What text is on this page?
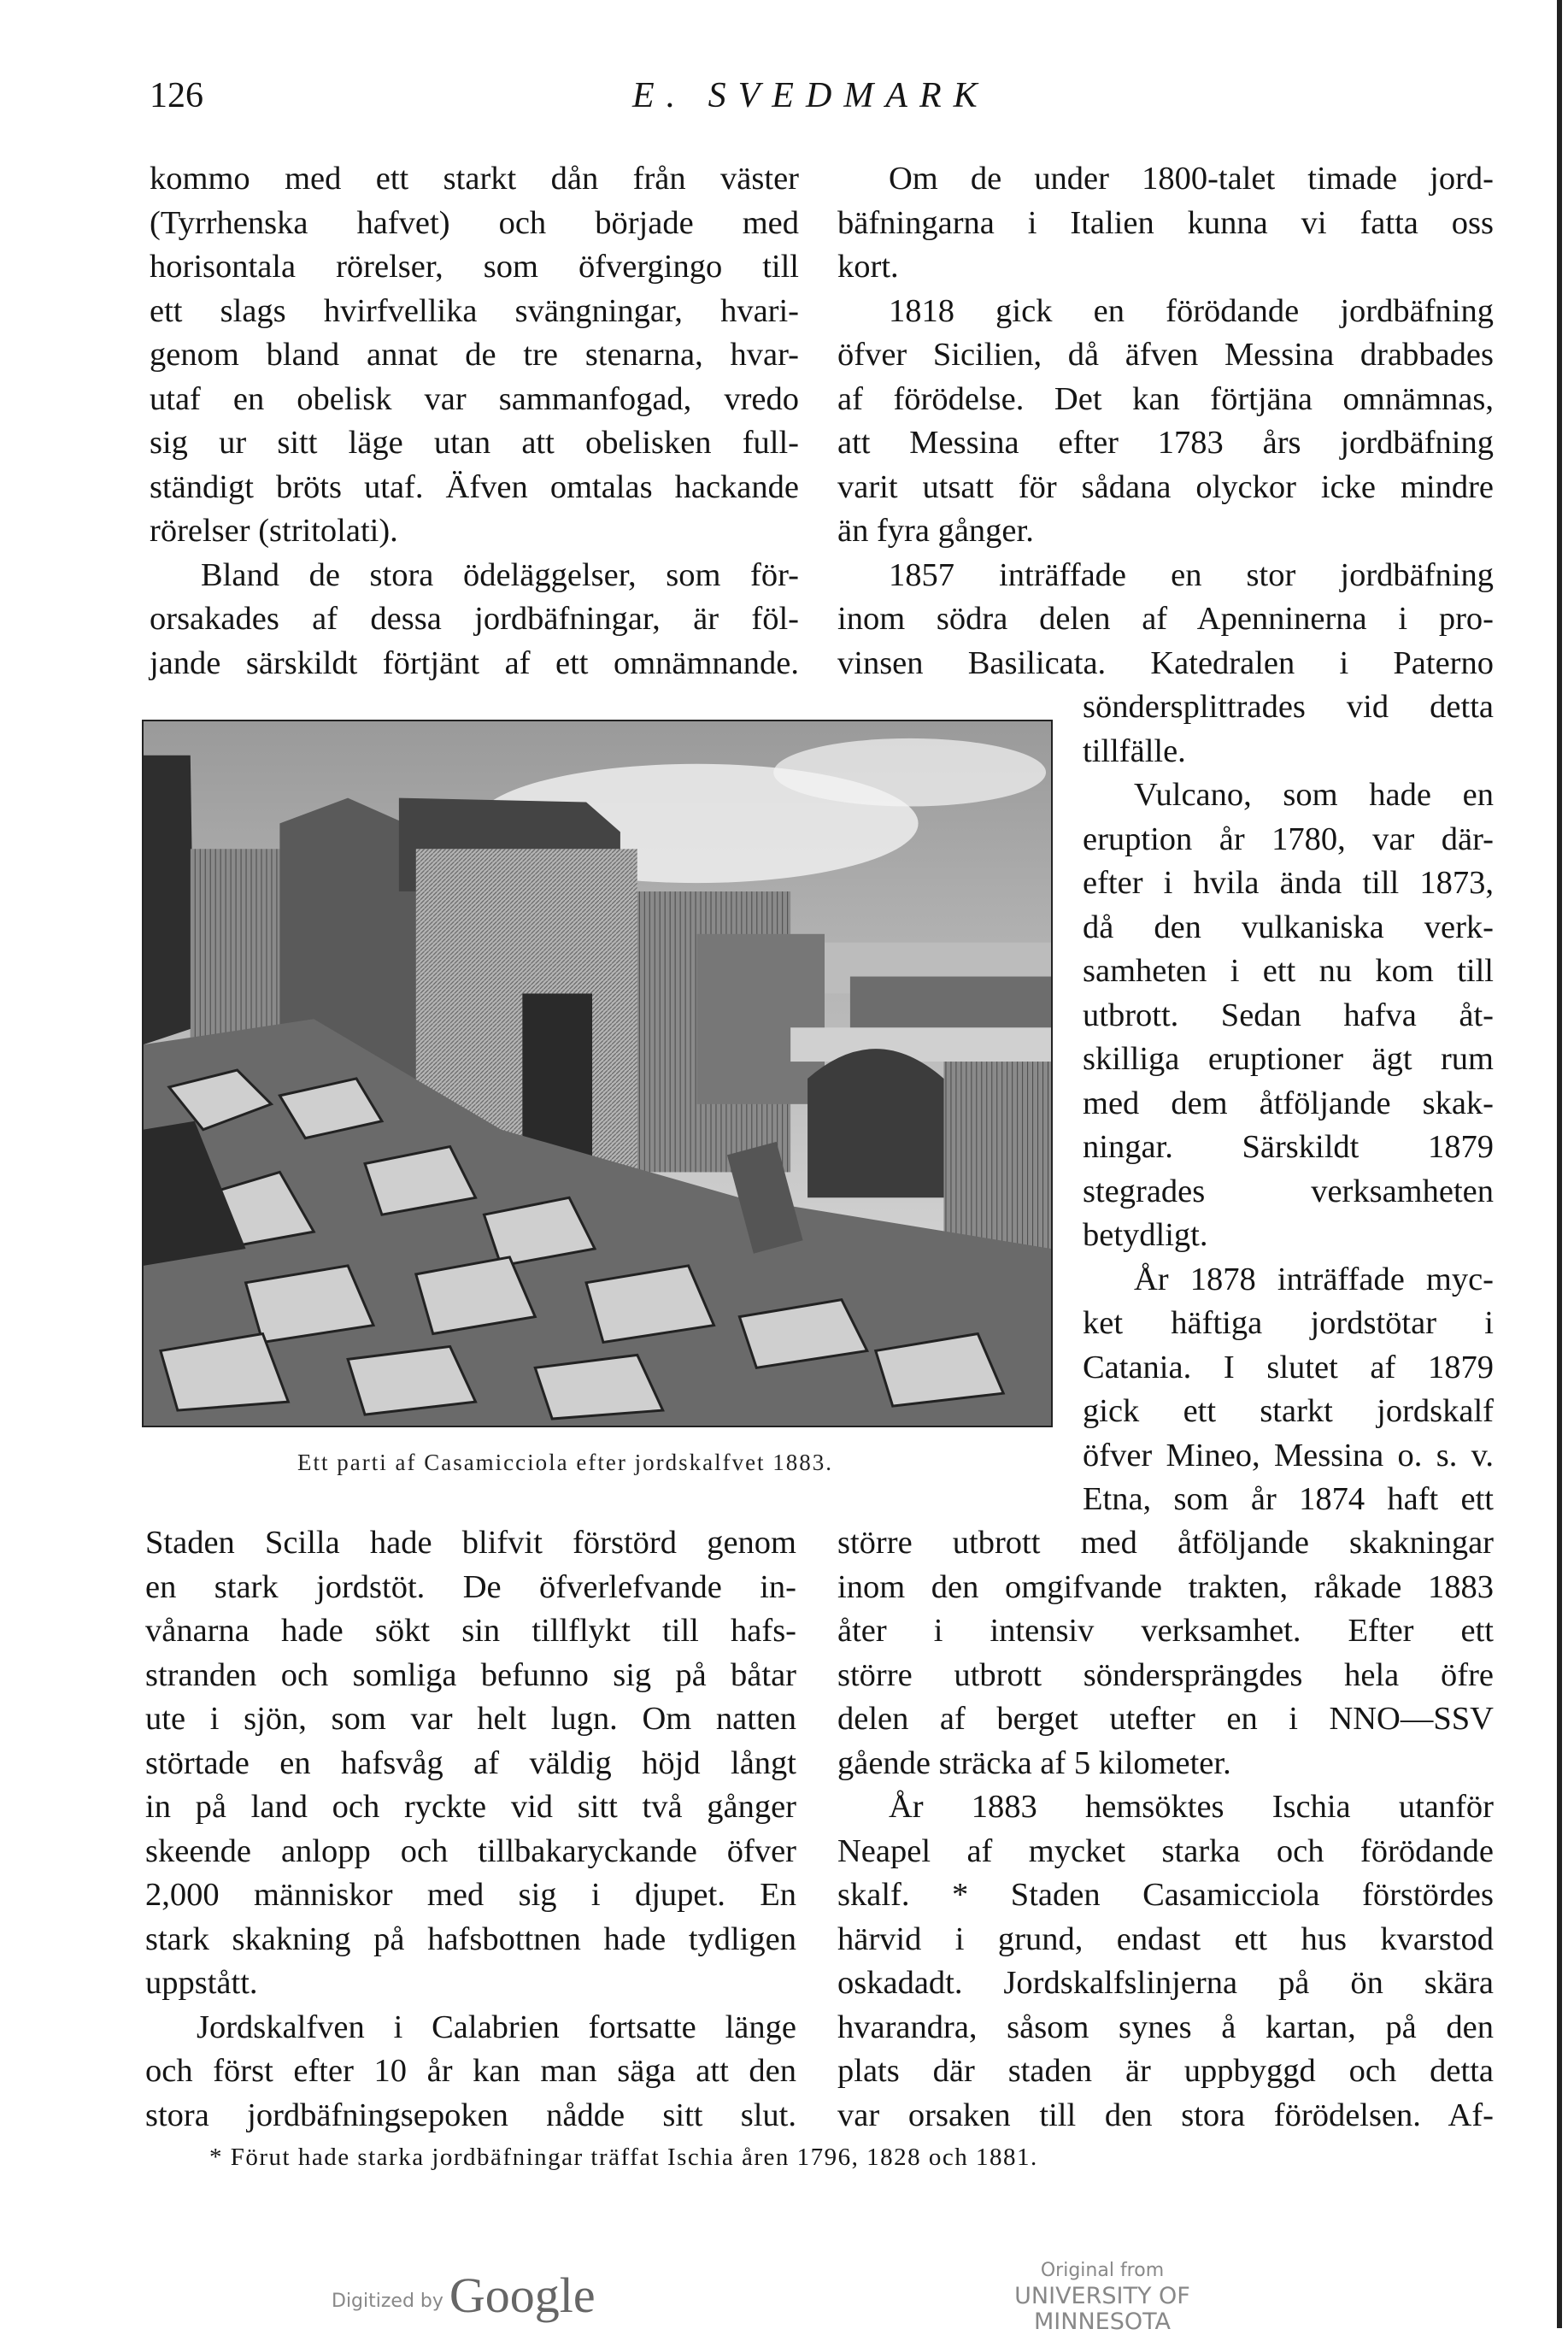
126	E. SVEDMARK
kommo med ett starkt dån från väster
(Tyrrhenska hafvet) och började med
horisontala rörelser, som öfvergingo till
ett slags hvirfvellika svängningar, hvari-
genom bland annat de tre stenarna, hvar-
utaf en obelisk var sammanfogad, vredo
sig ur sitt läge utan att obelisken full-
ständigt bröts utaf. Äfven omtalas hackande
rörelser (stritolati).
Bland de stora ödeläggelser, som för-
orsakades af dessa jordbäfningar, är föl-
jande särskildt förtjänt af ett omnämnande.
Om de under 1800-talet timade jord-
bäfningarna i Italien kunna vi fatta oss
kort.
1818 gick en förödande jordbäfning
öfver Sicilien, då äfven Messina drabbades
af förödelse. Det kan förtjäna omnämnas,
att Messina efter 1783 års jordbäfning
varit utsatt för sådana olyckor icke mindre
än fyra gånger.
1857 inträffade en stor jordbäfning
inom södra delen af Apenninerna i pro-
vinsen Basilicata. Katedralen i Paterno
söndersplittrades vid detta
tillfälle.
Vulcano, som hade en
eruption år 1780, var där-
efter i hvila ända till 1873,
då den vulkaniska verk-
samheten i ett nu kom till
utbrott. Sedan hafva åt-
skilliga eruptioner ägt rum
med dem åtföljande skak-
ningar. Särskildt 1879
stegrades verksamheten
betydligt.
År 1878 inträffade myc-
ket häftiga jordstötar i
Catania. I slutet af 1879
gick ett starkt jordskalf
öfver Mineo, Messina o. s. v.
Etna, som år 1874 haft ett
Staden Scilla hade blifvit förstörd genom
en stark jordstöt. De öfverlefvande in-
vånarna hade sökt sin tillflykt till hafs-
stranden och somliga befunno sig på båtar
ute i sjön, som var helt lugn. Om natten
störtade en hafsvåg af väldig höjd långt
in på land och ryckte vid sitt två gånger
skeende anlopp och tillbakaryckande öfver
2,000 människor med sig i djupet. En
stark skakning på hafsbottnen hade tydligen
uppstått.
Jordskalfven i Calabrien fortsatte länge
och först efter 10 år kan man säga att den
stora jordbäfningsepoken nådde sitt slut.
större utbrott med åtföljande skakningar
inom den omgifvande trakten, råkade 1883
åter i intensiv verksamhet. Efter ett
större utbrott söndersprängdes hela öfre
delen af berget utefter en i NNO—SSV
gående sträcka af 5 kilometer.
År 1883 hemsöktes Ischia utanför
Neapel af mycket starka och förödande
skalf. * Staden Casamicciola förstördes
härvid i grund, endast ett hus kvarstod
oskadadt. Jordskalfslinjerna på ön skära
hvarandra, såsom synes å kartan, på den
plats där staden är uppbyggd och detta
var orsaken till den stora förödelsen. Af-
Ett parti af Casamicciola efter jordskalfvet 1883.
* Förut hade starka jordbäfningar träffat Ischia åren 1796, 1828 och 1881.
Digitized by Google	Original from
UNIVERSITY OF MINNESOTA
